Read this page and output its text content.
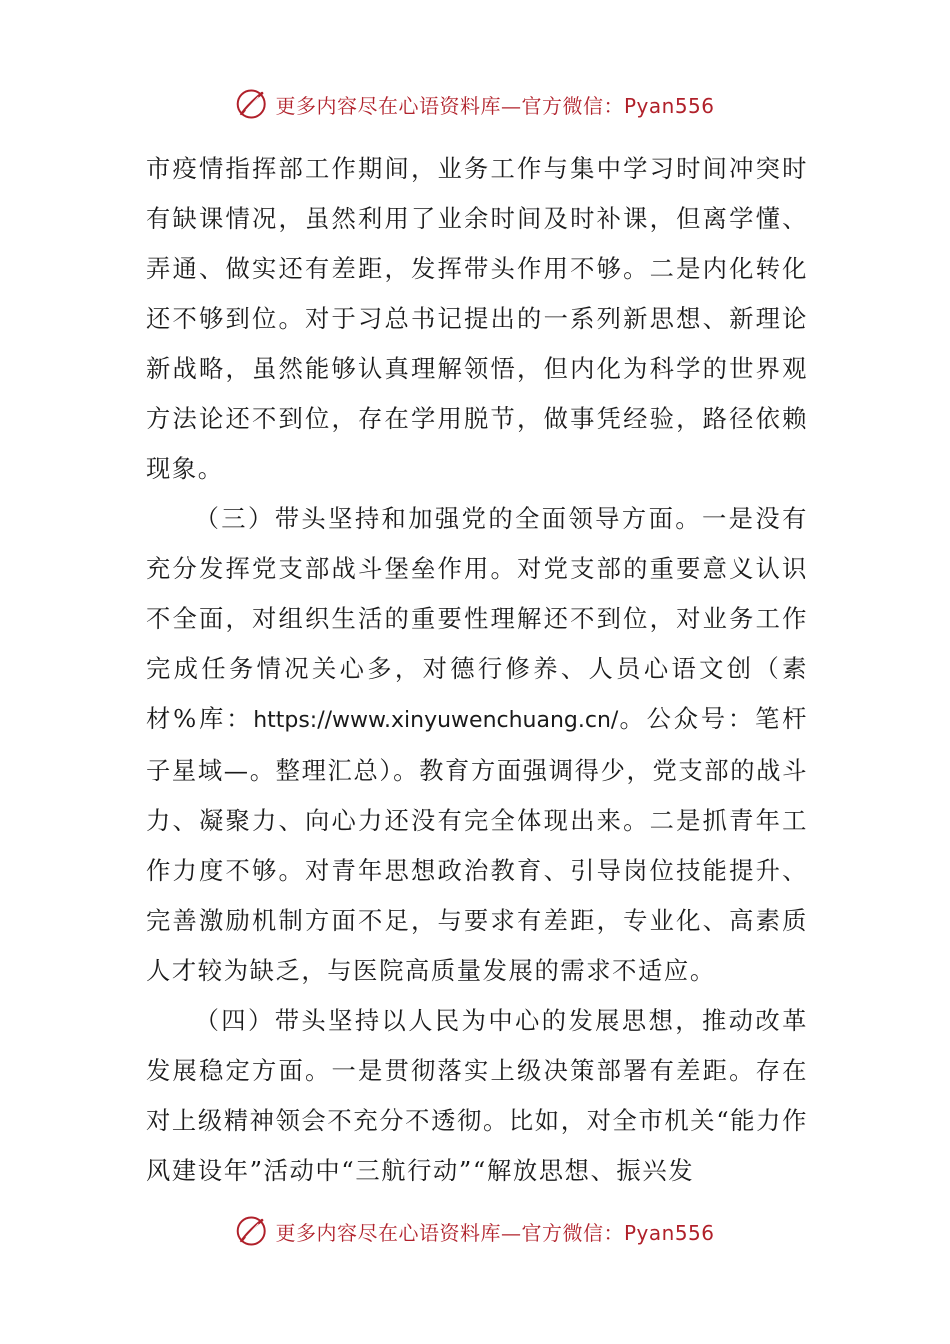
更多内容尽在心语资料库—官方微信：Pyan556

市疫情指挥部工作期间，业务工作与集中学习时间冲突时有缺课情况，虽然利用了业余时间及时补课，但离学懂、弄通、做实还有差距，发挥带头作用不够。二是内化转化还不够到位。对于习总书记提出的一系列新思想、新理论新战略，虽然能够认真理解领悟，但内化为科学的世界观方法论还不到位，存在学用脱节，做事凭经验，路径依赖现象。

（三）带头坚持和加强党的全面领导方面。一是没有充分发挥党支部战斗堡垒作用。对党支部的重要意义认识不全面，对组织生活的重要性理解还不到位，对业务工作完成任务情况关心多，对德行修养、人员心语文创（素材%库：https://www.xinyuwenchuang.cn/。公众号：笔杆子星域—。整理汇总）。教育方面强调得少，党支部的战斗力、凝聚力、向心力还没有完全体现出来。二是抓青年工作力度不够。对青年思想政治教育、引导岗位技能提升、完善激励机制方面不足，与要求有差距，专业化、高素质人才较为缺乏，与医院高质量发展的需求不适应。

（四）带头坚持以人民为中心的发展思想，推动改革发展稳定方面。一是贯彻落实上级决策部署有差距。存在对上级精神领会不充分不透彻。比如，对全市机关“能力作风建设年”活动中“三航行动”“解放思想、振兴发

更多内容尽在心语资料库—官方微信：Pyan556
